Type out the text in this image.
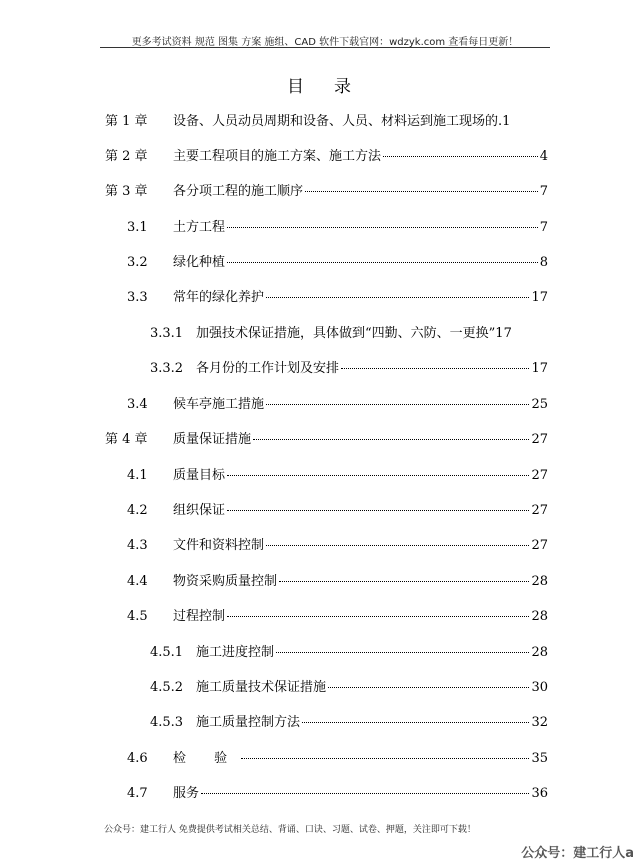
更多考试资料 规范 图集 方案 施组、CAD 软件下载官网：wdzyk.com 查看每日更新！
目录
第 1 章	设备、人员动员周期和设备、人员、材料运到施工现场的 .1
第 2 章	主要工程项目的施工方案、施工方法	4
第 3 章	各分项工程的施工顺序	7
3.1	土方工程	7
3.2	绿化种植	8
3.3	常年的绿化养护	17
3.3.1 加强技术保证措施，具体做到“四勤、六防、一更换” 17
3.3.2 各月份的工作计划及安排	17
3.4	候车亭施工措施	25
第 4 章	质量保证措施	27
4.1	质量目标	27
4.2	组织保证	27
4.3	文件和资料控制	27
4.4	物资采购质量控制	28
4.5	过程控制	28
4.5.1 施工进度控制	28
4.5.2 施工质量技术保证措施	30
4.5.3 施工质量控制方法	32
4.6	检 验	35
4.7	服务	36
公众号：建工行人 免费提供考试相关总结、背诵、口诀、习题、试卷、押题，关注即可下载！
公众号：建工行人a
